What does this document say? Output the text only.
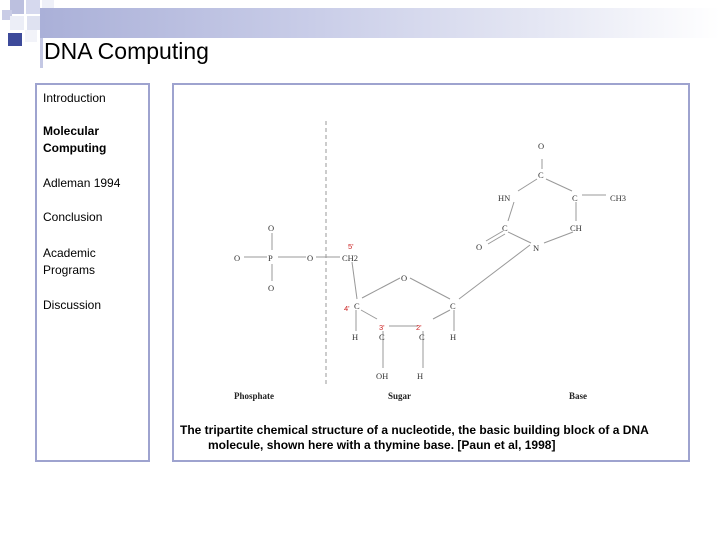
DNA Computing
Introduction
Molecular Computing
Adleman 1994
Conclusion
Academic Programs
Discussion
O
C
HN	C	CH3
C	CH
O	N
O
O	P	O	CH2
O
O
C	C
H C	C	H
OH	H
5'
4'
3'	2'
Phosphate	Sugar	Base
The tripartite chemical structure of a nucleotide, the basic building block of a DNA
molecule, shown here with a thymine base. [Paun et al, 1998]
